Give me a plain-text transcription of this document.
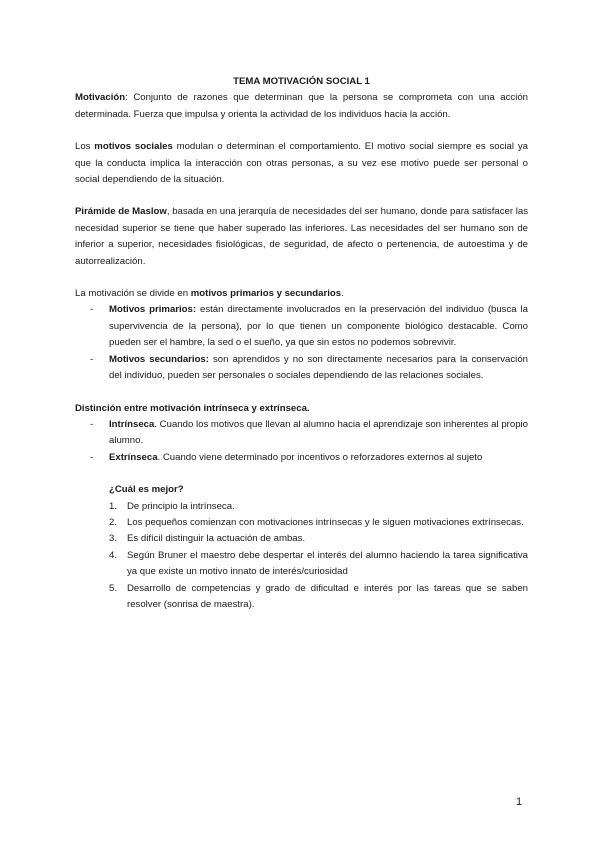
TEMA MOTIVACIÓN SOCIAL 1

Motivación: Conjunto de razones que determinan que la persona se comprometa con una acción determinada. Fuerza que impulsa y orienta la actividad de los individuos hacia la acción.

Los motivos sociales modulan o determinan el comportamiento. El motivo social siempre es social ya que la conducta implica la interacción con otras personas, a su vez ese motivo puede ser personal o social dependiendo de la situación.

Pirámide de Maslow, basada en una jerarquía de necesidades del ser humano, donde para satisfacer las necesidad superior se tiene que haber superado las inferiores. Las necesidades del ser humano son de inferior a superior, necesidades fisiológicas, de seguridad, de afecto o pertenencia, de autoestima y de autorrealización.

La motivación se divide en motivos primarios y secundarios.

- Motivos primarios: están directamente involucrados en la preservación del individuo (busca la supervivencia de la persona), por lo que tienen un componente biológico destacable. Como pueden ser el hambre, la sed o el sueño, ya que sin estos no podemos sobrevivir.
- Motivos secundarios: son aprendidos y no son directamente necesarios para la conservación del individuo, pueden ser personales o sociales dependiendo de las relaciones sociales.

Distinción entre motivación intrínseca y extrínseca.

- Intrínseca. Cuando los motivos que llevan al alumno hacia el aprendizaje son inherentes al propio alumno.
- Extrínseca. Cuando viene determinado por incentivos o reforzadores externos al sujeto

¿Cuál es mejor?

1. De principio la intrínseca.
2. Los pequeños comienzan con motivaciones intrínsecas y le siguen motivaciones extrínsecas.
3. Es difícil distinguir la actuación de ambas.
4. Según Bruner el maestro debe despertar el interés del alumno haciendo la tarea significativa ya que existe un motivo innato de interés/curiosidad
5. Desarrollo de competencias y grado de dificultad e interés por las tareas que se saben resolver (sonrisa de maestra).
1
